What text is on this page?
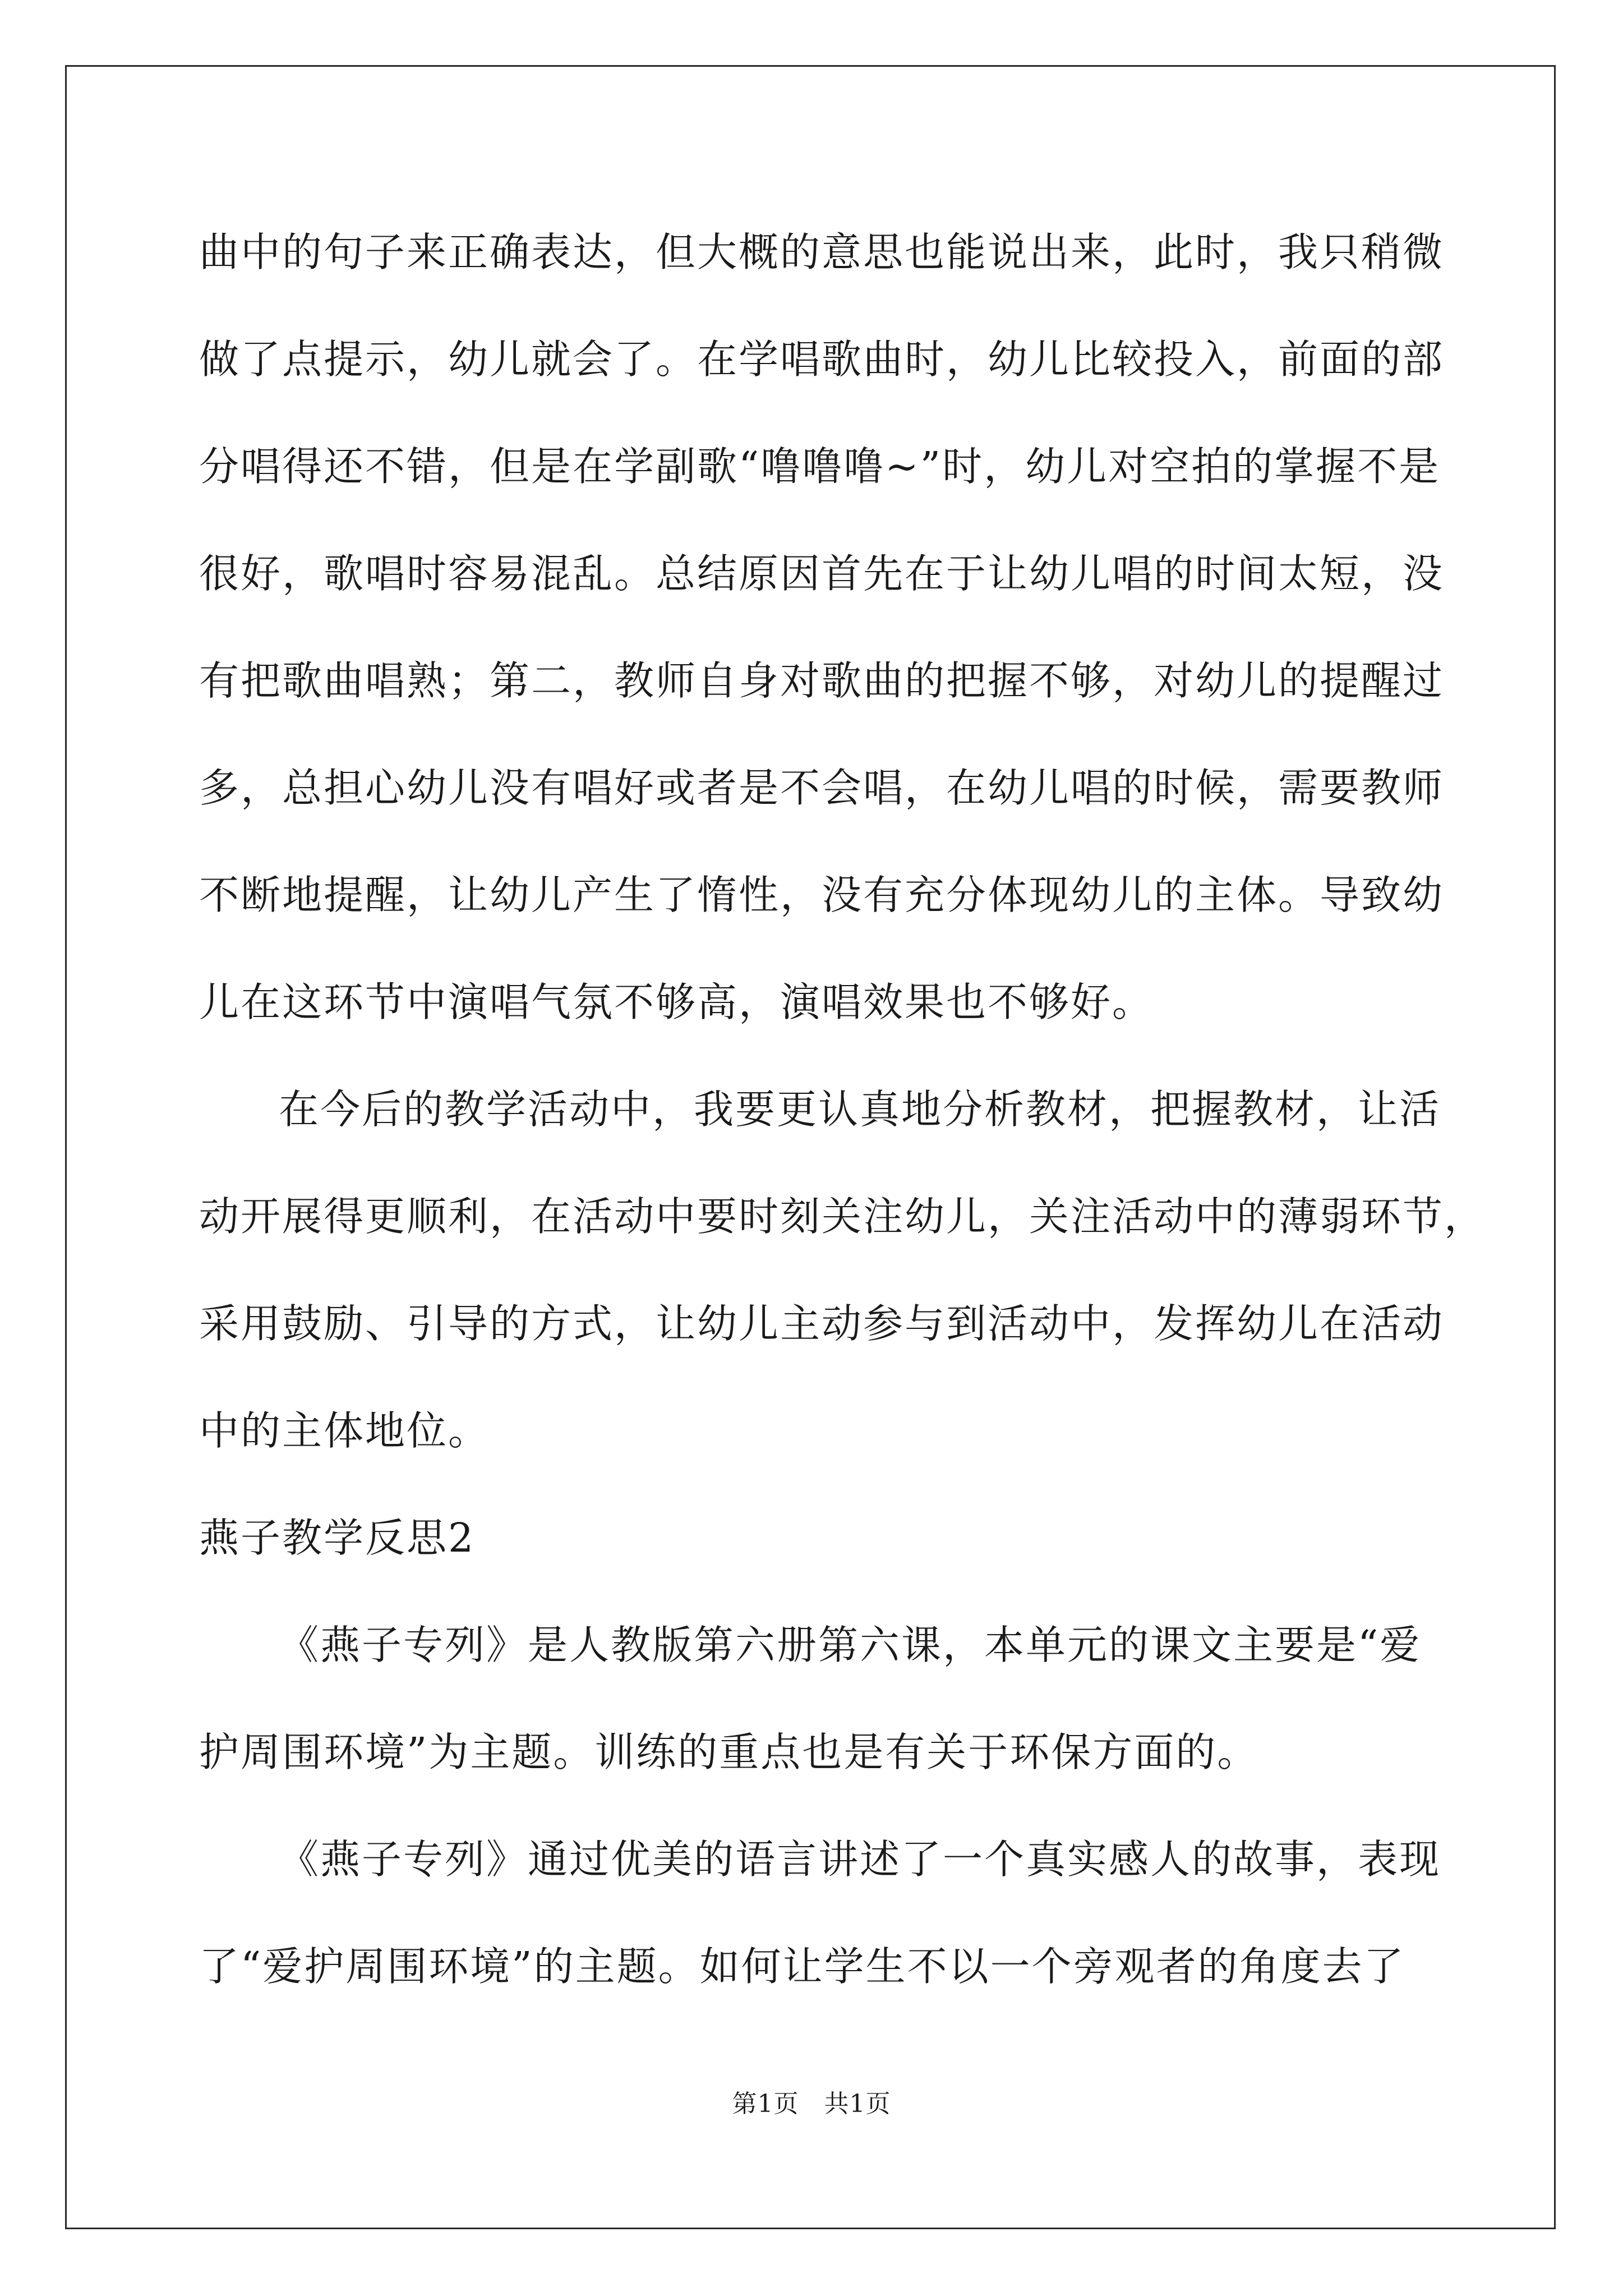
曲中的句子来正确表达，但大概的意思也能说出来，此时，我只稍微
做了点提示，幼儿就会了。在学唱歌曲时，幼儿比较投入，前面的部
分唱得还不错，但是在学副歌“噜噜噜~”时，幼儿对空拍的掌握不是
很好，歌唱时容易混乱。总结原因首先在于让幼儿唱的时间太短，没
有把歌曲唱熟；第二，教师自身对歌曲的把握不够，对幼儿的提醒过
多，总担心幼儿没有唱好或者是不会唱，在幼儿唱的时候，需要教师
不断地提醒，让幼儿产生了惰性，没有充分体现幼儿的主体。导致幼
儿在这环节中演唱气氛不够高，演唱效果也不够好。
在今后的教学活动中，我要更认真地分析教材，把握教材，让活
动开展得更顺利，在活动中要时刻关注幼儿，关注活动中的薄弱环节，
采用鼓励、引导的方式，让幼儿主动参与到活动中，发挥幼儿在活动
中的主体地位。
燕子教学反思2
《燕子专列》是人教版第六册第六课，本单元的课文主要是“爱
护周围环境”为主题。训练的重点也是有关于环保方面的。
《燕子专列》通过优美的语言讲述了一个真实感人的故事，表现
了“爱护周围环境”的主题。如何让学生不以一个旁观者的角度去了
第1页　共1页
